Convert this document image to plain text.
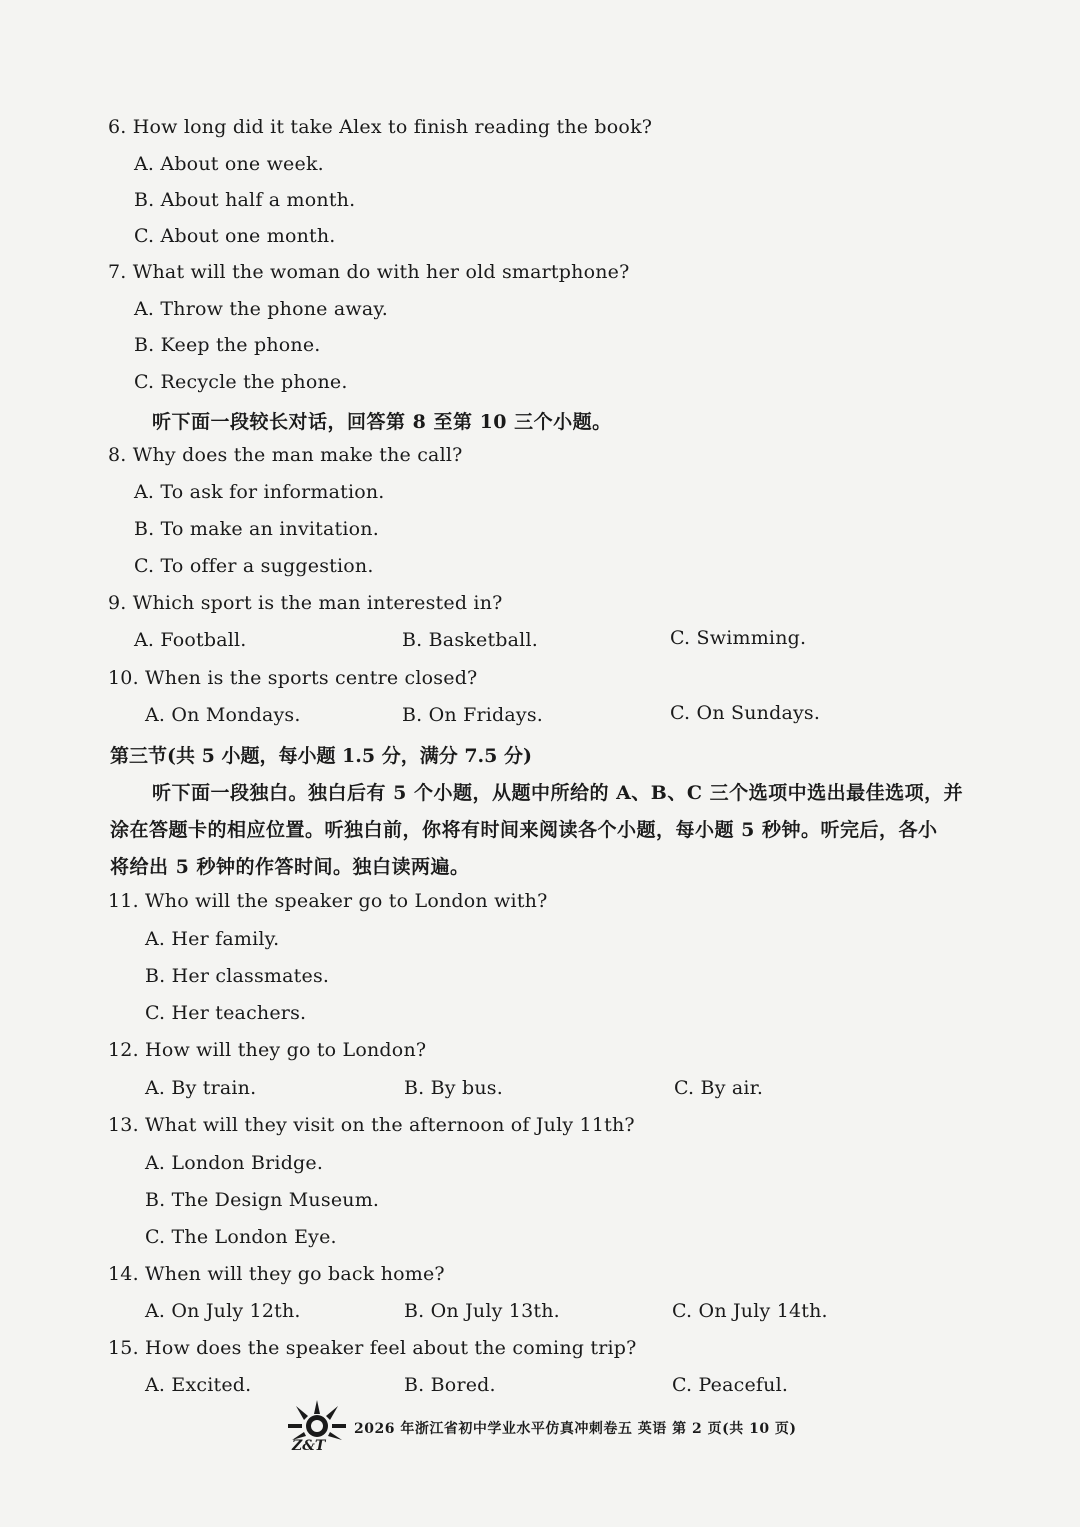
6. How long did it take Alex to finish reading the book?
A. About one week.
B. About half a month.
C. About one month.
7. What will the woman do with her old smartphone?
A. Throw the phone away.
B. Keep the phone.
C. Recycle the phone.
听下面一段较长对话，回答第 8 至第 10 三个小题。
8. Why does the man make the call?
A. To ask for information.
B. To make an invitation.
C. To offer a suggestion.
9. Which sport is the man interested in?
A. Football.	B. Basketball.	C. Swimming.
10. When is the sports centre closed?
A. On Mondays.	B. On Fridays.	C. On Sundays.
第三节(共 5 小题，每小题 1.5 分，满分 7.5 分)
听下面一段独白。独白后有 5 个小题，从题中所给的 A、B、C 三个选项中选出最佳选项，并
涂在答题卡的相应位置。听独白前，你将有时间来阅读各个小题，每小题 5 秒钟。听完后，各小
将给出 5 秒钟的作答时间。独白读两遍。
11. Who will the speaker go to London with?
A. Her family.
B. Her classmates.
C. Her teachers.
12. How will they go to London?
A. By train.	B. By bus.	C. By air.
13. What will they visit on the afternoon of July 11th?
A. London Bridge.
B. The Design Museum.
C. The London Eye.
14. When will they go back home?
A. On July 12th.	B. On July 13th.	C. On July 14th.
15. How does the speaker feel about the coming trip?
A. Excited.	B. Bored.	C. Peaceful.
Z&T
2026 年浙江省初中学业水平仿真冲刺卷五 英语 第 2 页(共 10 页)
